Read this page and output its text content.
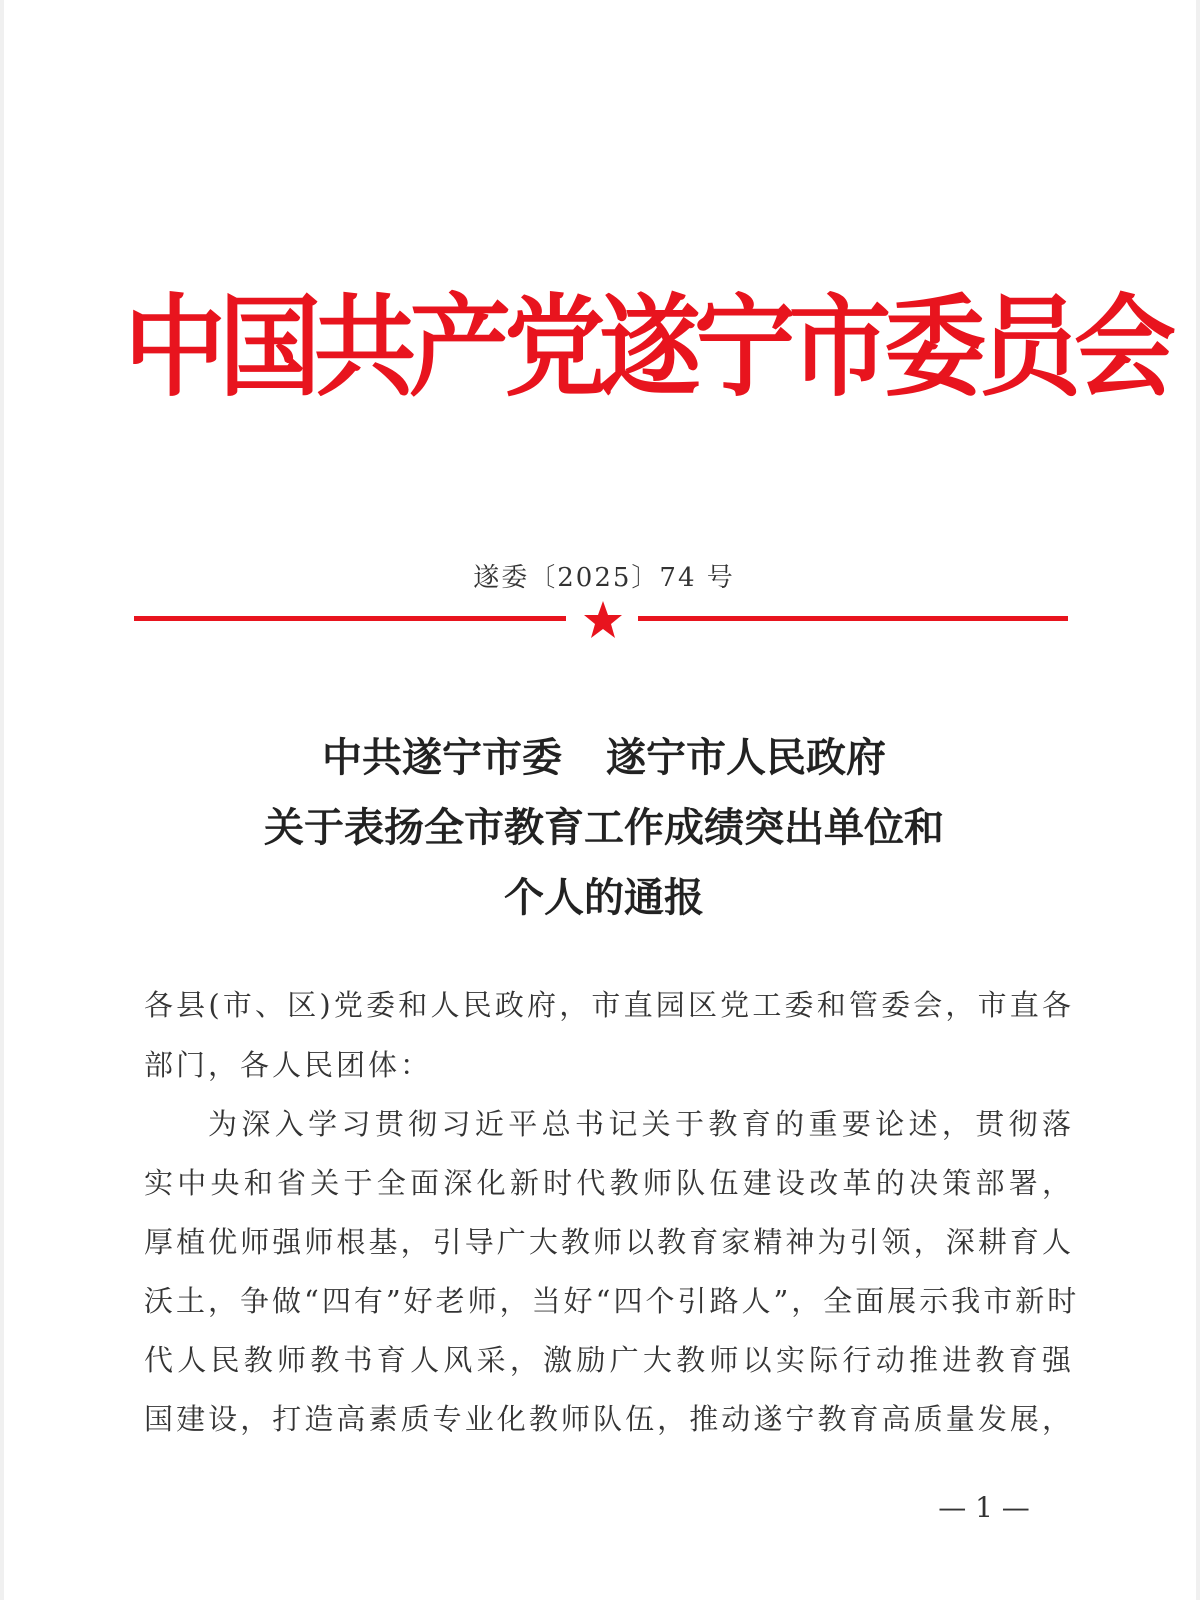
中国共产党遂宁市委员会
遂委〔2025〕74 号
中共遂宁市委 遂宁市人民政府
关于表扬全市教育工作成绩突出单位和
个人的通报
各县(市、区)党委和人民政府，市直园区党工委和管委会，市直各
部门，各人民团体：
为深入学习贯彻习近平总书记关于教育的重要论述，贯彻落
实中央和省关于全面深化新时代教师队伍建设改革的决策部署，
厚植优师强师根基，引导广大教师以教育家精神为引领，深耕育人
沃土，争做“四有”好老师，当好“四个引路人”，全面展示我市新时
代人民教师教书育人风采，激励广大教师以实际行动推进教育强
国建设，打造高素质专业化教师队伍，推动遂宁教育高质量发展，
— 1 —
